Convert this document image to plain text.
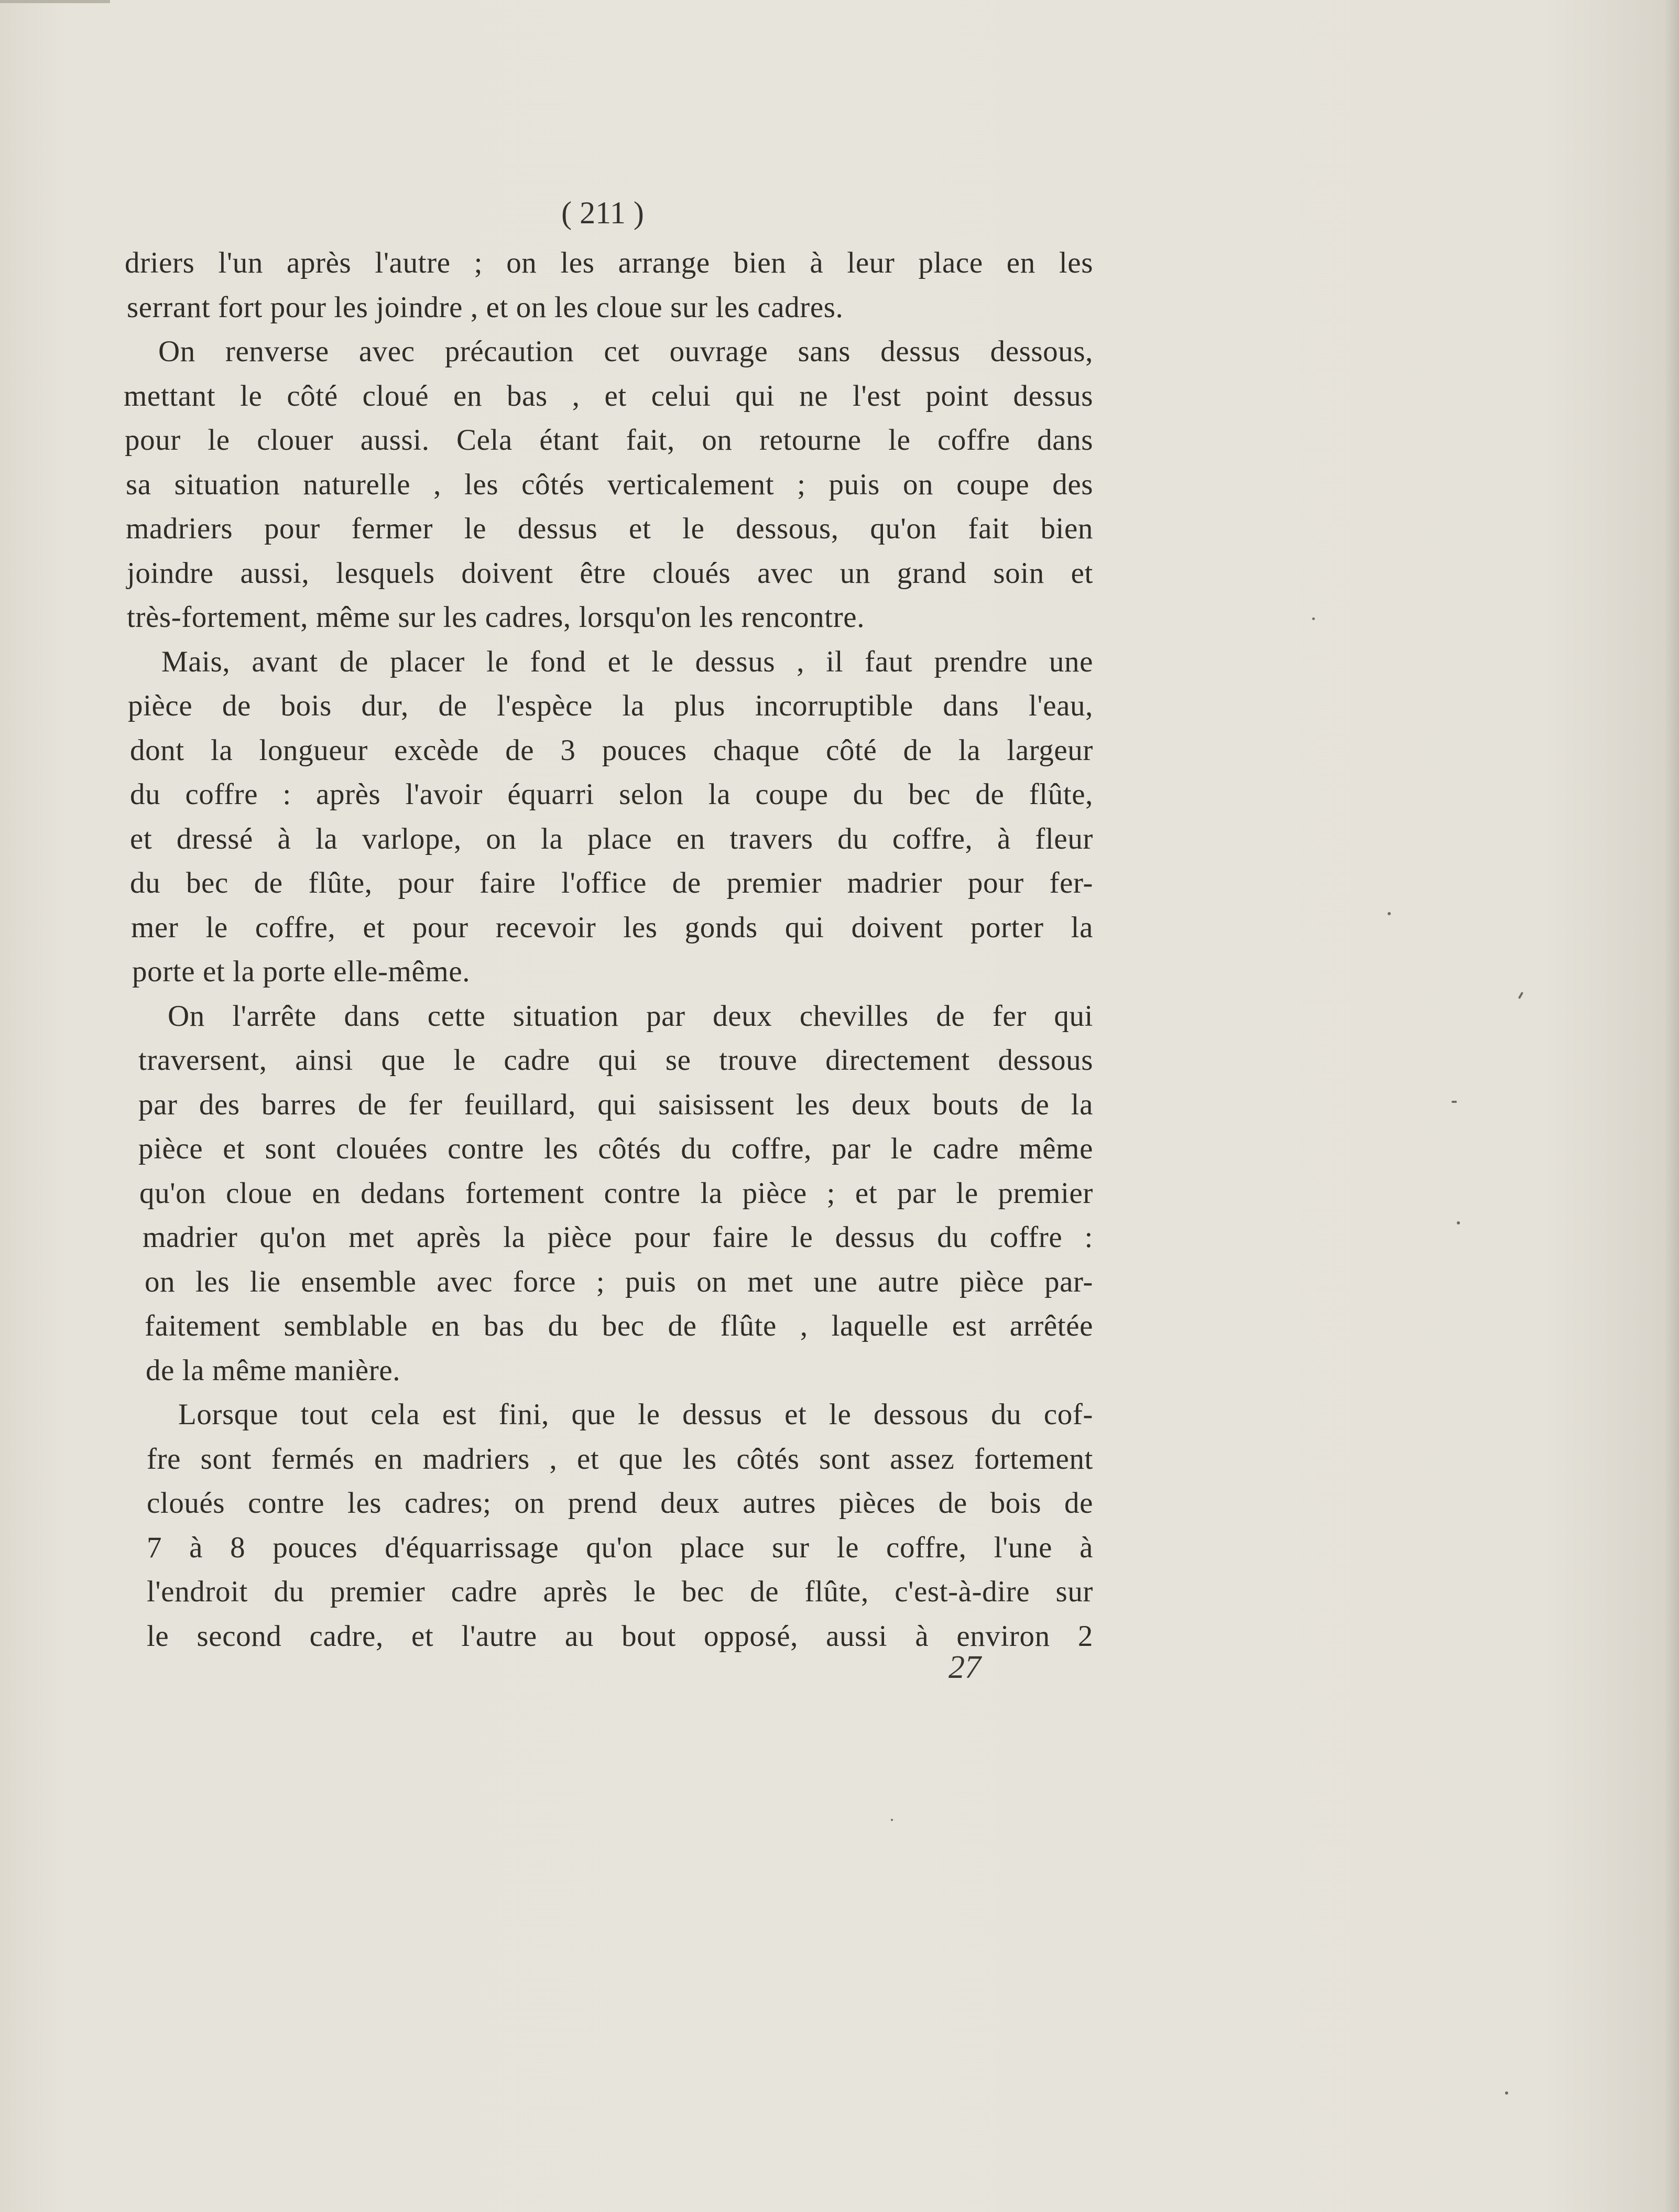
( 211 )
driers l'un après l'autre ; on les arrange bien à leur place en les
serrant fort pour les joindre , et on les cloue sur les cadres.
On renverse avec précaution cet ouvrage sans dessus dessous,
mettant le côté cloué en bas , et celui qui ne l'est point dessus
pour le clouer aussi. Cela étant fait, on retourne le coffre dans
sa situation naturelle , les côtés verticalement ; puis on coupe des
madriers pour fermer le dessus et le dessous, qu'on fait bien
joindre aussi, lesquels doivent être cloués avec un grand soin et
très-fortement, même sur les cadres, lorsqu'on les rencontre.
Mais, avant de placer le fond et le dessus , il faut prendre une
pièce de bois dur, de l'espèce la plus incorruptible dans l'eau,
dont la longueur excède de 3 pouces chaque côté de la largeur
du coffre : après l'avoir équarri selon la coupe du bec de flûte,
et dressé à la varlope, on la place en travers du coffre, à fleur
du bec de flûte, pour faire l'office de premier madrier pour fer-
mer le coffre, et pour recevoir les gonds qui doivent porter la
porte et la porte elle-même.
On l'arrête dans cette situation par deux chevilles de fer qui
traversent, ainsi que le cadre qui se trouve directement dessous
par des barres de fer feuillard, qui saisissent les deux bouts de la
pièce et sont clouées contre les côtés du coffre, par le cadre même
qu'on cloue en dedans fortement contre la pièce ; et par le premier
madrier qu'on met après la pièce pour faire le dessus du coffre :
on les lie ensemble avec force ; puis on met une autre pièce par-
faitement semblable en bas du bec de flûte , laquelle est arrêtée
de la même manière.
Lorsque tout cela est fini, que le dessus et le dessous du cof-
fre sont fermés en madriers , et que les côtés sont assez fortement
cloués contre les cadres; on prend deux autres pièces de bois de
7 à 8 pouces d'équarrissage qu'on place sur le coffre, l'une à
l'endroit du premier cadre après le bec de flûte, c'est-à-dire sur
le second cadre, et l'autre au bout opposé, aussi à environ 2
27
